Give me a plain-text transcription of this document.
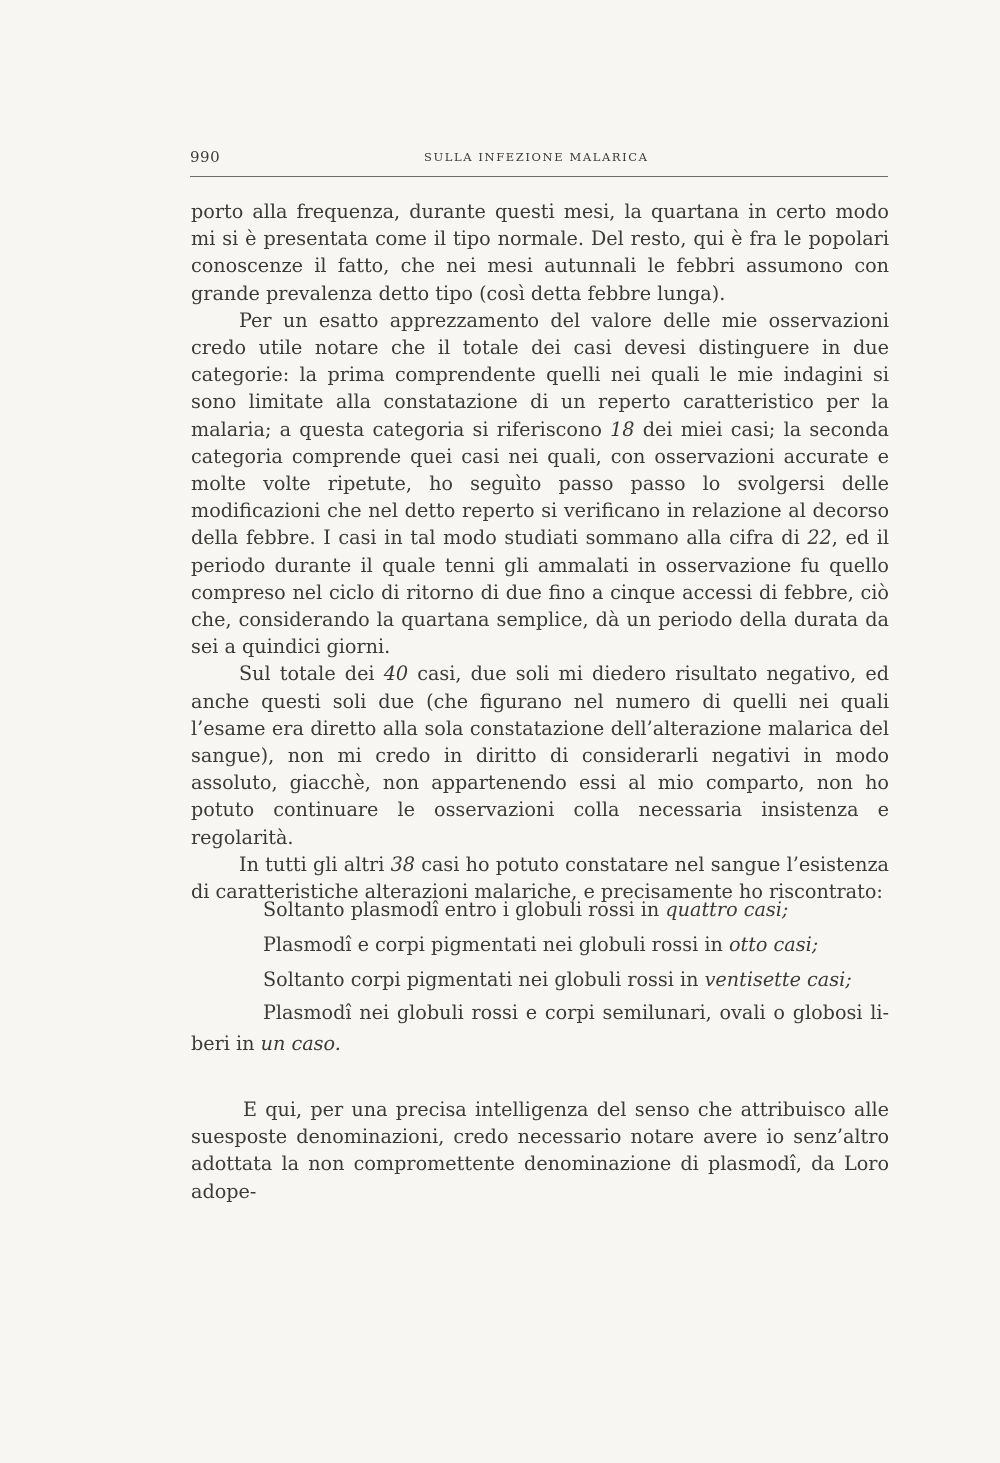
990	SULLA INFEZIONE MALARICA

porto alla frequenza, durante questi mesi, la quartana in certo modo mi si è presentata come il tipo normale. Del resto, qui è fra le popolari conoscenze il fatto, che nei mesi autunnali le febbri assumono con grande prevalenza detto tipo (così detta febbre lunga).

Per un esatto apprezzamento del valore delle mie osservazioni credo utile notare che il totale dei casi devesi distinguere in due categorie: la prima comprendente quelli nei quali le mie indagini si sono limitate alla constatazione di un reperto caratteristico per la malaria; a questa categoria si riferiscono 18 dei miei casi; la seconda categoria comprende quei casi nei quali, con osservazioni accurate e molte volte ripetute, ho seguìto passo passo lo svolgersi delle modificazioni che nel detto reperto si verificano in relazione al decorso della febbre. I casi in tal modo studiati sommano alla cifra di 22, ed il periodo durante il quale tenni gli ammalati in osservazione fu quello compreso nel ciclo di ritorno di due fino a cinque accessi di febbre, ciò che, considerando la quartana semplice, dà un periodo della durata da sei a quindici giorni.

Sul totale dei 40 casi, due soli mi diedero risultato negativo, ed anche questi soli due (che figurano nel numero di quelli nei quali l’esame era diretto alla sola constatazione dell’alterazione malarica del sangue), non mi credo in diritto di considerarli negativi in modo assoluto, giacchè, non appartenendo essi al mio comparto, non ho potuto continuare le osservazioni colla necessaria insistenza e regolarità.

In tutti gli altri 38 casi ho potuto constatare nel sangue l’esistenza di caratteristiche alterazioni malariche, e precisamente ho riscontrato:

Soltanto plasmodî entro i globuli rossi in quattro casi;

Plasmodî e corpi pigmentati nei globuli rossi in otto casi;

Soltanto corpi pigmentati nei globuli rossi in ventisette casi;

Plasmodî nei globuli rossi e corpi semilunari, ovali o globosi liberi in un caso.

E qui, per una precisa intelligenza del senso che attribuisco alle suesposte denominazioni, credo necessario notare avere io senz’altro adottata la non compromettente denominazione di plasmodî, da Loro adope-
